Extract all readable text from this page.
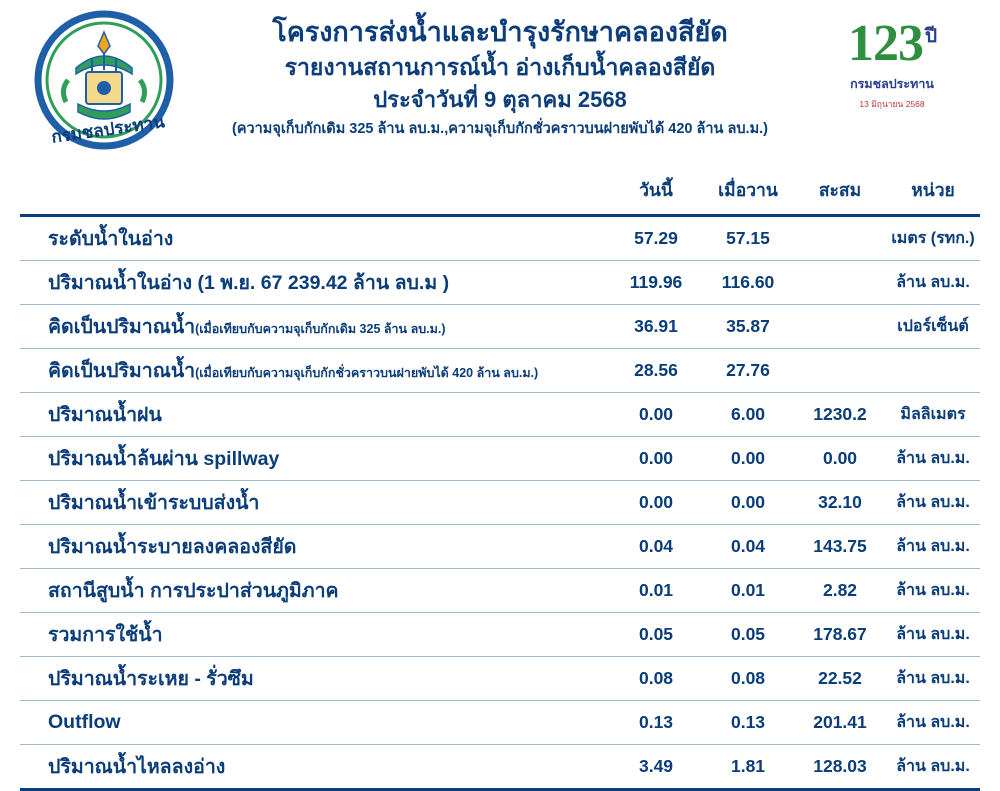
กรมชลประทาน
โครงการส่งน้ำและบำรุงรักษาคลองสียัด
รายงานสถานการณ์น้ำ อ่างเก็บน้ำคลองสียัด
ประจำวันที่ 9 ตุลาคม 2568
(ความจุเก็บกักเดิม 325 ล้าน ลบ.ม.,ความจุเก็บกักชั่วคราวบนฝายพับได้ 420 ล้าน ลบ.ม.)
123 $^{ปี}$
กรมชลประทาน
13 มิถุนายน 2568
	วันนี้	เมื่อวาน	สะสม	หน่วย
ระดับน้ำในอ่าง	57.29	57.15		เมตร (รทก.)
ปริมาณน้ำในอ่าง (1 พ.ย. 67 239.42 ล้าน ลบ.ม )	119.96	116.60		ล้าน ลบ.ม.
คิดเป็นปริมาณน้ำ(เมื่อเทียบกับความจุเก็บกักเดิม 325 ล้าน ลบ.ม.)	36.91	35.87		เปอร์เซ็นต์
คิดเป็นปริมาณน้ำ(เมื่อเทียบกับความจุเก็บกักชั่วคราวบนฝายพับได้ 420 ล้าน ลบ.ม.)	28.56	27.76		
ปริมาณน้ำฝน	0.00	6.00	1230.2	มิลลิเมตร
ปริมาณน้ำล้นผ่าน spillway	0.00	0.00	0.00	ล้าน ลบ.ม.
ปริมาณน้ำเข้าระบบส่งน้ำ	0.00	0.00	32.10	ล้าน ลบ.ม.
ปริมาณน้ำระบายลงคลองสียัด	0.04	0.04	143.75	ล้าน ลบ.ม.
สถานีสูบน้ำ การประปาส่วนภูมิภาค	0.01	0.01	2.82	ล้าน ลบ.ม.
รวมการใช้น้ำ	0.05	0.05	178.67	ล้าน ลบ.ม.
ปริมาณน้ำระเหย - รั่วซึม	0.08	0.08	22.52	ล้าน ลบ.ม.
Outflow	0.13	0.13	201.41	ล้าน ลบ.ม.
ปริมาณน้ำไหลลงอ่าง	3.49	1.81	128.03	ล้าน ลบ.ม.
